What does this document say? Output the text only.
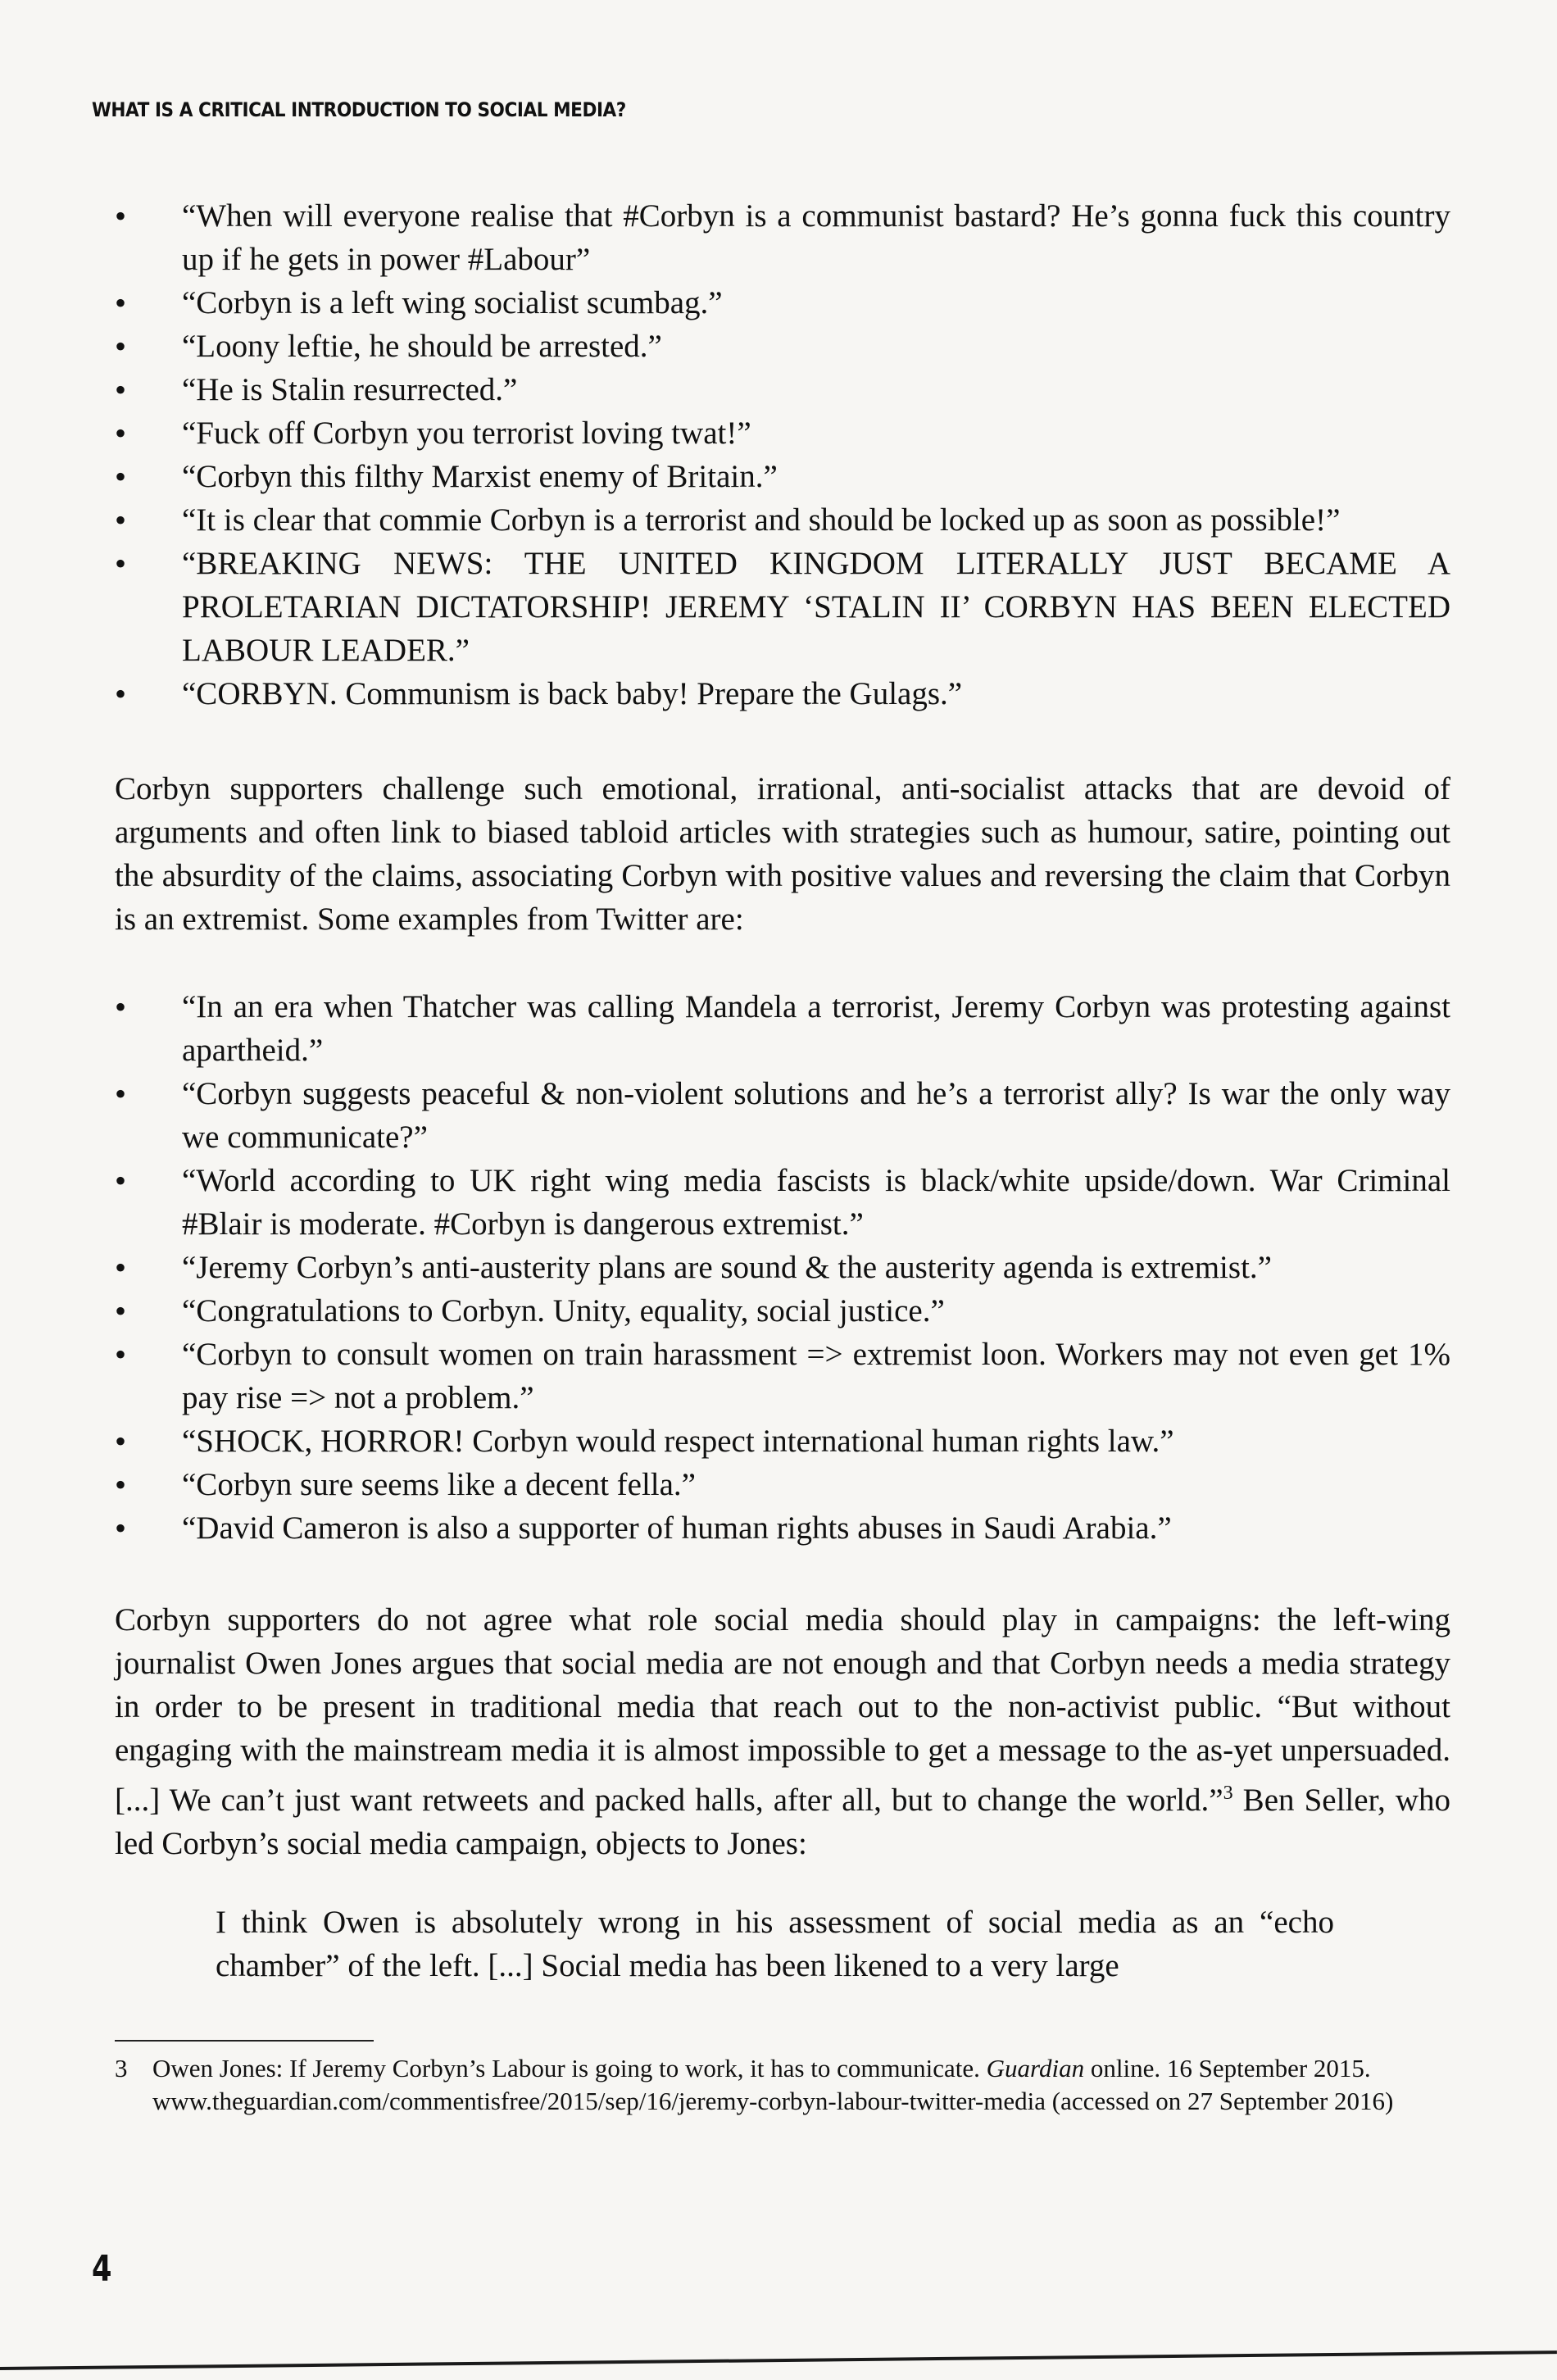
WHAT IS A CRITICAL INTRODUCTION TO SOCIAL MEDIA?
• “When will everyone realise that #Corbyn is a communist bastard? He’s gonna fuck this country up if he gets in power #Labour”
• “Corbyn is a left wing socialist scumbag.”
• “Loony leftie, he should be arrested.”
• “He is Stalin resurrected.”
• “Fuck off Corbyn you terrorist loving twat!”
• “Corbyn this filthy Marxist enemy of Britain.”
• “It is clear that commie Corbyn is a terrorist and should be locked up as soon as possible!”
• “BREAKING NEWS: THE UNITED KINGDOM LITERALLY JUST BECAME A PROLETARIAN DICTATORSHIP! JEREMY ‘STALIN II’ CORBYN HAS BEEN ELECTED LABOUR LEADER.”
• “CORBYN. Communism is back baby! Prepare the Gulags.”
Corbyn supporters challenge such emotional, irrational, anti-socialist attacks that are devoid of arguments and often link to biased tabloid articles with strategies such as humour, satire, pointing out the absurdity of the claims, associating Corbyn with positive values and reversing the claim that Corbyn is an extremist. Some examples from Twitter are:
• “In an era when Thatcher was calling Mandela a terrorist, Jeremy Corbyn was protesting against apartheid.”
• “Corbyn suggests peaceful & non-violent solutions and he’s a terrorist ally? Is war the only way we communicate?”
• “World according to UK right wing media fascists is black/white upside/down. War Criminal #Blair is moderate. #Corbyn is dangerous extremist.”
• “Jeremy Corbyn’s anti-austerity plans are sound & the austerity agenda is extremist.”
• “Congratulations to Corbyn. Unity, equality, social justice.”
• “Corbyn to consult women on train harassment => extremist loon. Workers may not even get 1% pay rise => not a problem.”
• “SHOCK, HORROR! Corbyn would respect international human rights law.”
• “Corbyn sure seems like a decent fella.”
• “David Cameron is also a supporter of human rights abuses in Saudi Arabia.”
Corbyn supporters do not agree what role social media should play in campaigns: the left-wing journalist Owen Jones argues that social media are not enough and that Corbyn needs a media strategy in order to be present in traditional media that reach out to the non-activist public. “But without engaging with the mainstream media it is almost impossible to get a message to the as-yet unpersuaded. [...] We can’t just want retweets and packed halls, after all, but to change the world.”$^3$ Ben Seller, who led Corbyn’s social media campaign, objects to Jones:
I think Owen is absolutely wrong in his assessment of social media as an “echo chamber” of the left. [...] Social media has been likened to a very large
3 Owen Jones: If Jeremy Corbyn’s Labour is going to work, it has to communicate. Guardian online. 16 September 2015. www.theguardian.com/commentisfree/2015/sep/16/jeremy-corbyn-labour-twitter-media (accessed on 27 September 2016)
4
